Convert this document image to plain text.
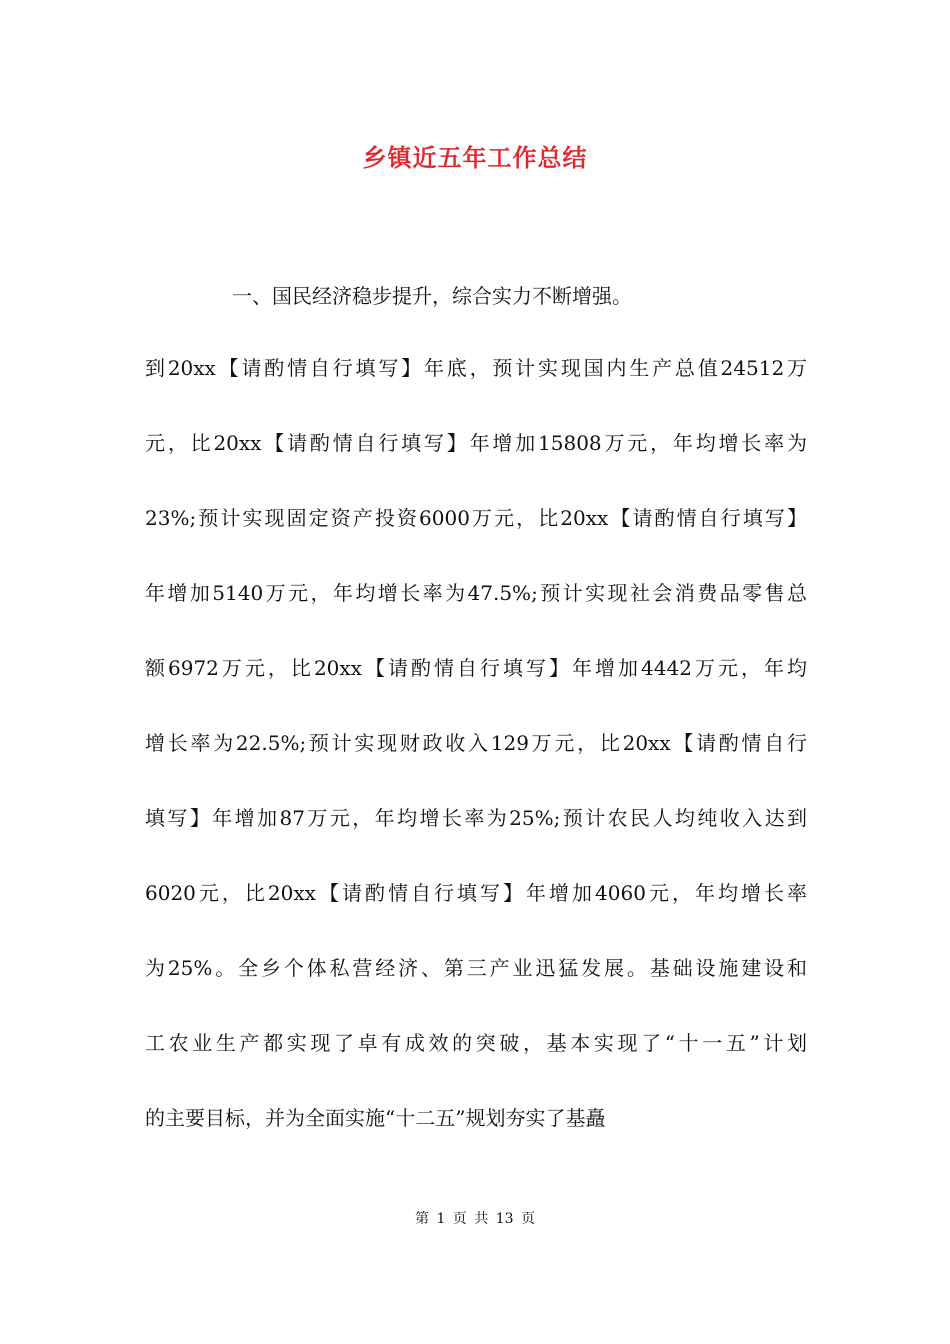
乡镇近五年工作总结
一、国民经济稳步提升，综合实力不断增强。
到20xx【请酌情自行填写】年底，预计实现国内生产总值24512万
元，比20xx【请酌情自行填写】年增加15808万元，年均增长率为
23%;预计实现固定资产投资6000万元，比20xx【请酌情自行填写】
年增加5140万元，年均增长率为47.5%;预计实现社会消费品零售总
额6972万元，比20xx【请酌情自行填写】年增加4442万元，年均
增长率为22.5%;预计实现财政收入129万元，比20xx【请酌情自行
填写】年增加87万元，年均增长率为25%;预计农民人均纯收入达到
6020元，比20xx【请酌情自行填写】年增加4060元，年均增长率
为25%。全乡个体私营经济、第三产业迅猛发展。基础设施建设和
工农业生产都实现了卓有成效的突破，基本实现了“十一五”计划
的主要目标，并为全面实施“十二五”规划夯实了基矗
第 1 页 共 13 页
